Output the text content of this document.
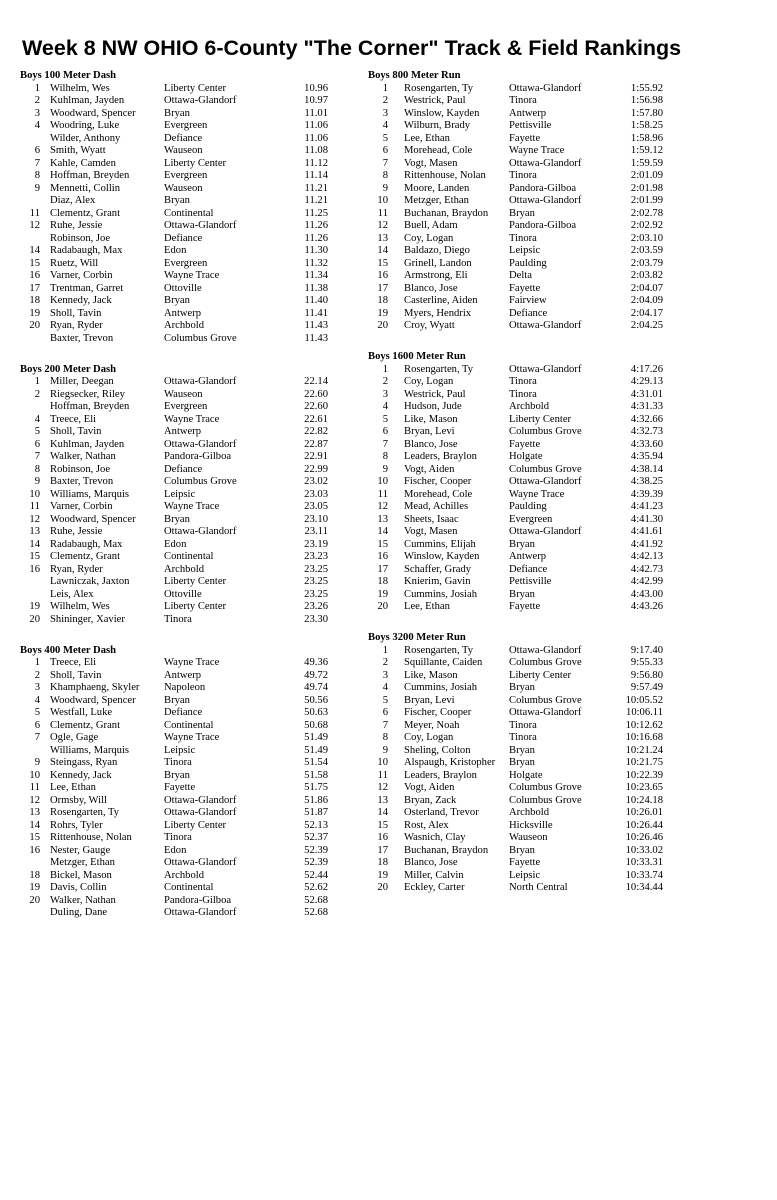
Week 8 NW OHIO 6-County "The Corner" Track & Field Rankings
Boys 100 Meter Dash
1 Wilhelm, Wes	Liberty Center	10.96
2 Kuhlman, Jayden	Ottawa-Glandorf	10.97
3 Woodward, Spencer	Bryan	11.01
4 Woodring, Luke	Evergreen	11.06
Wilder, Anthony	Defiance	11.06
6 Smith, Wyatt	Wauseon	11.08
7 Kahle, Camden	Liberty Center	11.12
8 Hoffman, Breyden	Evergreen	11.14
9 Mennetti, Collin	Wauseon	11.21
Diaz, Alex	Bryan	11.21
11 Clementz, Grant	Continental	11.25
12 Ruhe, Jessie	Ottawa-Glandorf	11.26
Robinson, Joe	Defiance	11.26
14 Radabaugh, Max	Edon	11.30
15 Ruetz, Will	Evergreen	11.32
16 Varner, Corbin	Wayne Trace	11.34
17 Trentman, Garret	Ottoville	11.38
18 Kennedy, Jack	Bryan	11.40
19 Sholl, Tavin	Antwerp	11.41
20 Ryan, Ryder	Archbold	11.43
Baxter, Trevon	Columbus Grove	11.43
Boys 200 Meter Dash
1 Miller, Deegan	Ottawa-Glandorf	22.14
2 Riegsecker, Riley	Wauseon	22.60
Hoffman, Breyden	Evergreen	22.60
4 Treece, Eli	Wayne Trace	22.61
5 Sholl, Tavin	Antwerp	22.82
6 Kuhlman, Jayden	Ottawa-Glandorf	22.87
7 Walker, Nathan	Pandora-Gilboa	22.91
8 Robinson, Joe	Defiance	22.99
9 Baxter, Trevon	Columbus Grove	23.02
10 Williams, Marquis	Leipsic	23.03
11 Varner, Corbin	Wayne Trace	23.05
12 Woodward, Spencer	Bryan	23.10
13 Ruhe, Jessie	Ottawa-Glandorf	23.11
14 Radabaugh, Max	Edon	23.19
15 Clementz, Grant	Continental	23.23
16 Ryan, Ryder	Archbold	23.25
Lawniczak, Jaxton	Liberty Center	23.25
Leis, Alex	Ottoville	23.25
19 Wilhelm, Wes	Liberty Center	23.26
20 Shininger, Xavier	Tinora	23.30
Boys 400 Meter Dash
1 Treece, Eli	Wayne Trace	49.36
2 Sholl, Tavin	Antwerp	49.72
3 Khamphaeng, Skyler	Napoleon	49.74
4 Woodward, Spencer	Bryan	50.56
5 Westfall, Luke	Defiance	50.63
6 Clementz, Grant	Continental	50.68
7 Ogle, Gage	Wayne Trace	51.49
Williams, Marquis	Leipsic	51.49
9 Steingass, Ryan	Tinora	51.54
10 Kennedy, Jack	Bryan	51.58
11 Lee, Ethan	Fayette	51.75
12 Ormsby, Will	Ottawa-Glandorf	51.86
13 Rosengarten, Ty	Ottawa-Glandorf	51.87
14 Rohrs, Tyler	Liberty Center	52.13
15 Rittenhouse, Nolan	Tinora	52.37
16 Nester, Gauge	Edon	52.39
Metzger, Ethan	Ottawa-Glandorf	52.39
18 Bickel, Mason	Archbold	52.44
19 Davis, Collin	Continental	52.62
20 Walker, Nathan	Pandora-Gilboa	52.68
Duling, Dane	Ottawa-Glandorf	52.68
Boys 800 Meter Run
1 Rosengarten, Ty	Ottawa-Glandorf	1:55.92
2 Westrick, Paul	Tinora	1:56.98
3 Winslow, Kayden	Antwerp	1:57.80
4 Wilburn, Brady	Pettisville	1:58.25
5 Lee, Ethan	Fayette	1:58.96
6 Morehead, Cole	Wayne Trace	1:59.12
7 Vogt, Masen	Ottawa-Glandorf	1:59.59
8 Rittenhouse, Nolan	Tinora	2:01.09
9 Moore, Landen	Pandora-Gilboa	2:01.98
10 Metzger, Ethan	Ottawa-Glandorf	2:01.99
11 Buchanan, Braydon	Bryan	2:02.78
12 Buell, Adam	Pandora-Gilboa	2:02.92
13 Coy, Logan	Tinora	2:03.10
14 Baldazo, Diego	Leipsic	2:03.59
15 Grinell, Landon	Paulding	2:03.79
16 Armstrong, Eli	Delta	2:03.82
17 Blanco, Jose	Fayette	2:04.07
18 Casterline, Aiden	Fairview	2:04.09
19 Myers, Hendrix	Defiance	2:04.17
20 Croy, Wyatt	Ottawa-Glandorf	2:04.25
Boys 1600 Meter Run
1 Rosengarten, Ty	Ottawa-Glandorf	4:17.26
2 Coy, Logan	Tinora	4:29.13
3 Westrick, Paul	Tinora	4:31.01
4 Hudson, Jude	Archbold	4:31.33
5 Like, Mason	Liberty Center	4:32.66
6 Bryan, Levi	Columbus Grove	4:32.73
7 Blanco, Jose	Fayette	4:33.60
8 Leaders, Braylon	Holgate	4:35.94
9 Vogt, Aiden	Columbus Grove	4:38.14
10 Fischer, Cooper	Ottawa-Glandorf	4:38.25
11 Morehead, Cole	Wayne Trace	4:39.39
12 Mead, Achilles	Paulding	4:41.23
13 Sheets, Isaac	Evergreen	4:41.30
14 Vogt, Masen	Ottawa-Glandorf	4:41.61
15 Cummins, Elijah	Bryan	4:41.92
16 Winslow, Kayden	Antwerp	4:42.13
17 Schaffer, Grady	Defiance	4:42.73
18 Knierim, Gavin	Pettisville	4:42.99
19 Cummins, Josiah	Bryan	4:43.00
20 Lee, Ethan	Fayette	4:43.26
Boys 3200 Meter Run
1 Rosengarten, Ty	Ottawa-Glandorf	9:17.40
2 Squillante, Caiden	Columbus Grove	9:55.33
3 Like, Mason	Liberty Center	9:56.80
4 Cummins, Josiah	Bryan	9:57.49
5 Bryan, Levi	Columbus Grove	10:05.52
6 Fischer, Cooper	Ottawa-Glandorf	10:06.11
7 Meyer, Noah	Tinora	10:12.62
8 Coy, Logan	Tinora	10:16.68
9 Sheling, Colton	Bryan	10:21.24
10 Alspaugh, Kristopher	Bryan	10:21.75
11 Leaders, Braylon	Holgate	10:22.39
12 Vogt, Aiden	Columbus Grove	10:23.65
13 Bryan, Zack	Columbus Grove	10:24.18
14 Osterland, Trevor	Archbold	10:26.01
15 Rost, Alex	Hicksville	10:26.44
16 Wasnich, Clay	Wauseon	10:26.46
17 Buchanan, Braydon	Bryan	10:33.02
18 Blanco, Jose	Fayette	10:33.31
19 Miller, Calvin	Leipsic	10:33.74
20 Eckley, Carter	North Central	10:34.44
